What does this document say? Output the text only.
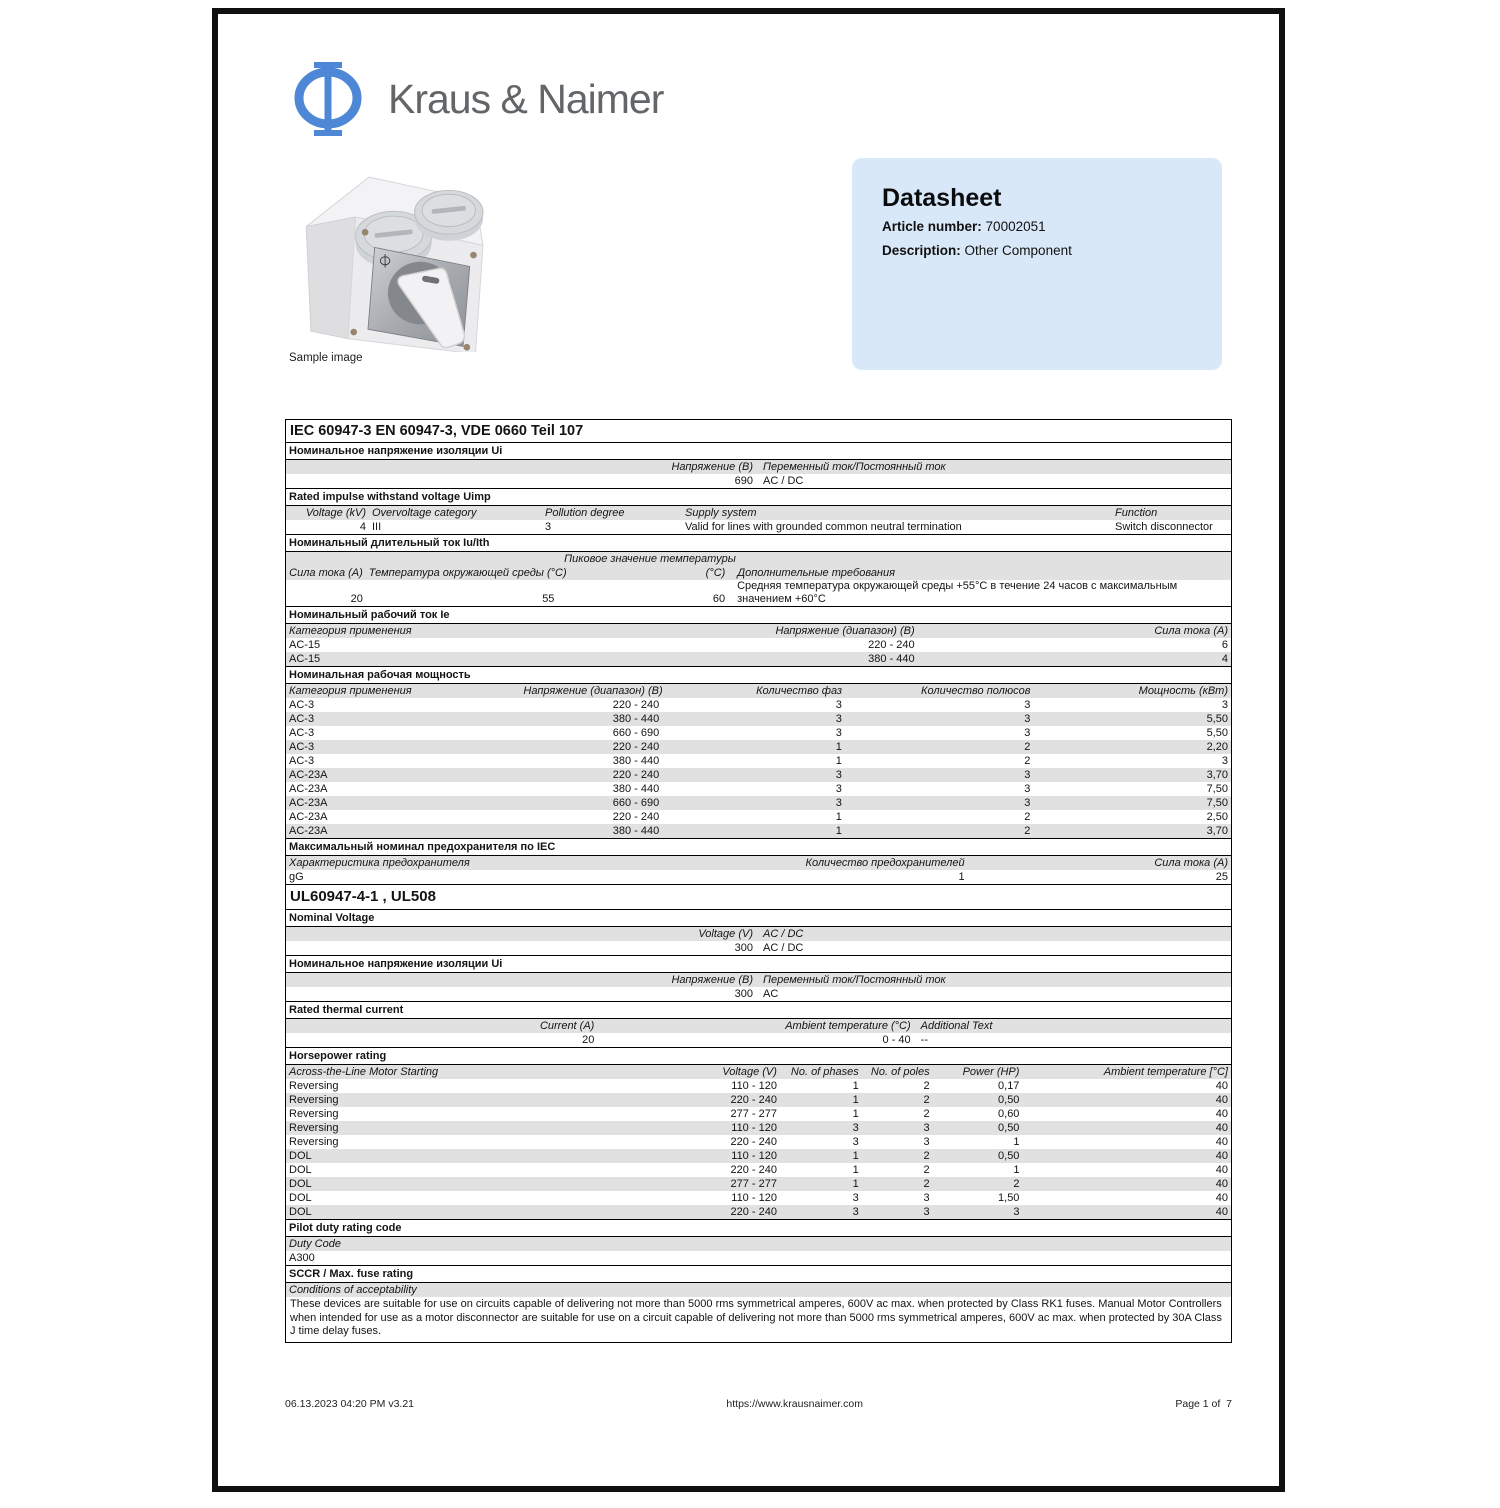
Kraus & Naimer
Sample image
Datasheet
Article number: 70002051
Description: Other Component
IEC 60947-3 EN 60947-3, VDE 0660 Teil 107
Номинальное напряжение изоляции Ui
Напряжение (В) Переменный ток/Постоянный ток
690 AC / DC
Rated impulse withstand voltage Uimp
Voltage (kV) Overvoltage category	Pollution degree	Supply system	Function
4 III	3	Valid for lines with grounded common neutral termination	Switch disconnector
Номинальный длительный ток Iu/Ith
Пиковое значение температуры
Сила тока (А) Температура окружающей среды (°C)	(°C)	Дополнительные требования
20	55	60
Средняя температура окружающей среды +55°C в течение 24 часов с максимальным значением +60°C
Номинальный рабочий ток Ie
Категория применения	Напряжение (диапазон) (В)	Сила тока (А)
AC-15	220 - 240	6
AC-15	380 - 440	4
Номинальная рабочая мощность
Категория применения	Напряжение (диапазон) (В)	Количество фаз	Количество полюсов	Мощность (кВт)
AC-3	220 - 240	3	3	3
AC-3	380 - 440	3	3	5,50
AC-3	660 - 690	3	3	5,50
AC-3	220 - 240	1	2	2,20
AC-3	380 - 440	1	2	3
AC-23A	220 - 240	3	3	3,70
AC-23A	380 - 440	3	3	7,50
AC-23A	660 - 690	3	3	7,50
AC-23A	220 - 240	1	2	2,50
AC-23A	380 - 440	1	2	3,70
Максимальный номинал предохранителя по IEC
Характеристика предохранителя	Количество предохранителей	Сила тока (А)
gG	1	25
UL60947-4-1 , UL508
Nominal Voltage
Voltage (V) AC / DC
300 AC / DC
Номинальное напряжение изоляции Ui
Напряжение (В) Переменный ток/Постоянный ток
300 AC
Rated thermal current
Current (A)	Ambient temperature (°C) Additional Text
20	0 - 40 --
Horsepower rating
Across-the-Line Motor Starting	Voltage (V)	No. of phases	No. of poles	Power (HP)	Ambient temperature [°C]
Reversing	110 - 120	1	2	0,17	40
Reversing	220 - 240	1	2	0,50	40
Reversing	277 - 277	1	2	0,60	40
Reversing	110 - 120	3	3	0,50	40
Reversing	220 - 240	3	3	1	40
DOL	110 - 120	1	2	0,50	40
DOL	220 - 240	1	2	1	40
DOL	277 - 277	1	2	2	40
DOL	110 - 120	3	3	1,50	40
DOL	220 - 240	3	3	3	40
Pilot duty rating code
Duty Code
A300
SCCR / Max. fuse rating
Conditions of acceptability
These devices are suitable for use on circuits capable of delivering not more than 5000 rms symmetrical amperes, 600V ac max. when protected by Class RK1 fuses. Manual Motor Controllers when intended for use as a motor disconnector are suitable for use on a circuit capable of delivering not more than 5000 rms symmetrical amperes, 600V ac max. when protected by 30A Class J time delay fuses.
06.13.2023 04:20 PM v3.21	https://www.krausnaimer.com	Page 1 of  7
